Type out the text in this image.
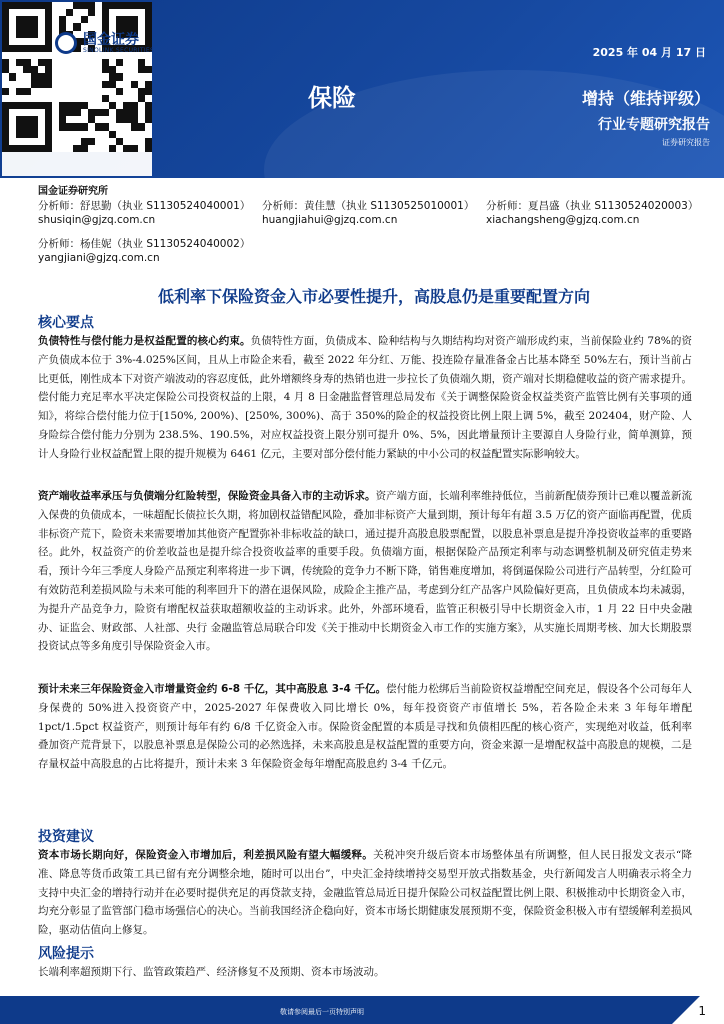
国金证券
SINOLINK SECURITIES	2025 年 04 月 17 日
保险	增持（维持评级）
行业专题研究报告
证券研究报告
国金证券研究所
分析师：舒思勤（执业 S1130524040001）	分析师：黄佳慧（执业 S1130525010001）	分析师：夏昌盛（执业 S1130524020003）
shusiqin@gjzq.com.cn	huangjiahui@gjzq.com.cn	xiachangsheng@gjzq.com.cn
分析师：杨佳妮（执业 S1130524040002）
yangjiani@gjzq.com.cn
低利率下保险资金入市必要性提升，高股息仍是重要配置方向
核心要点

负债特性与偿付能力是权益配置的核心约束。负债特性方面，负债成本、险种结构与久期结构均对资产端形成约束，当前保险业约 78%的资产负债成本位于 3%-4.025%区间，且从上市险企来看，截至 2022 年分红、万能、投连险存量准备金占比基本降至 50%左右，预计当前占比更低，刚性成本下对资产端波动的容忍度低，此外增额终身寿的热销也进一步拉长了负债端久期，资产端对长期稳健收益的资产需求提升。偿付能力充足率水平决定保险公司投资权益的上限，4 月 8 日金融监督管理总局发布《关于调整保险资金权益类资产监管比例有关事项的通知》，将综合偿付能力位于[150%, 200%)、[250%, 300%)、高于 350%的险企的权益投资比例上限上调 5%，截至 202404，财产险、人身险综合偿付能力分别为 238.5%、190.5%，对应权益投资上限分别可提升 0%、5%，因此增量预计主要源自人身险行业，简单测算，预计人身险行业权益配置上限的提升规模为 6461 亿元，主要对部分偿付能力紧缺的中小公司的权益配置实际影响较大。

资产端收益率承压与负债端分红险转型，保险资金具备入市的主动诉求。资产端方面，长端利率维持低位，当前新配债券预计已难以覆盖新流入保费的负债成本，一味超配长债拉长久期，将加剧权益错配风险，叠加非标资产大量到期，预计每年有超 3.5 万亿的资产面临再配置，优质非标资产荒下，险资未来需要增加其他资产配置弥补非标收益的缺口，通过提升高股息股票配置，以股息补票息是提升净投资收益率的重要路径。此外，权益资产的价差收益也是提升综合投资收益率的重要手段。负债端方面，根据保险产品预定利率与动态调整机制及研究值走势来看，预计今年三季度人身险产品预定利率将进一步下调，传统险的竞争力不断下降，销售难度增加，将倒逼保险公司进行产品转型，分红险可有效防范利差损风险与未来可能的利率回升下的潜在退保风险，成险企主推产品，考虑到分红产品客户风险偏好更高，且负债成本均未减弱，为提升产品竞争力，险资有增配权益获取超额收益的主动诉求。此外，外部环境看，监管正积极引导中长期资金入市，1 月 22 日中央金融办、证监会、财政部、人社部、央行 金融监管总局联合印发《关于推动中长期资金入市工作的实施方案》，从实施长周期考核、加大长期股票投资试点等多角度引导保险资金入市。

预计未来三年保险资金入市增量资金约 6-8 千亿，其中高股息 3-4 千亿。偿付能力松绑后当前险资权益增配空间充足，假设各个公司每年人身保费的 50%进入投资资产中，2025-2027 年保费收入同比增长 0%，每年投资资产市值增长 5%，若各险企未来 3 年每年增配 1pct/1.5pct 权益资产，则预计每年有约 6/8 千亿资金入市。保险资金配置的本质是寻找和负债相匹配的核心资产，实现绝对收益，低利率叠加资产荒背景下，以股息补票息是保险公司的必然选择，未来高股息是权益配置的重要方向，资金来源一是增配权益中高股息的规模，二是存量权益中高股息的占比将提升，预计未来 3 年保险资金每年增配高股息约 3-4 千亿元。

投资建议

资本市场长期向好，保险资金入市增加后，利差损风险有望大幅缓释。关税冲突升级后资本市场整体虽有所调整，但人民日报发文表示“降准、降息等货币政策工具已留有充分调整余地，随时可以出台”，中央汇金持续增持交易型开放式指数基金，央行新闻发言人明确表示将全力支持中央汇金的增持行动并在必要时提供充足的再贷款支持，金融监管总局近日提升保险公司权益配置比例上限、积极推动中长期资金入市，均充分彰显了监管部门稳市场强信心的决心。当前我国经济企稳向好，资本市场长期健康发展预期不变，保险资金积极入市有望缓解利差损风险，驱动估值向上修复。

风险提示

长端利率超预期下行、监管政策趋严、经济修复不及预期、资本市场波动。

敬请参阅最后一页特别声明	1
